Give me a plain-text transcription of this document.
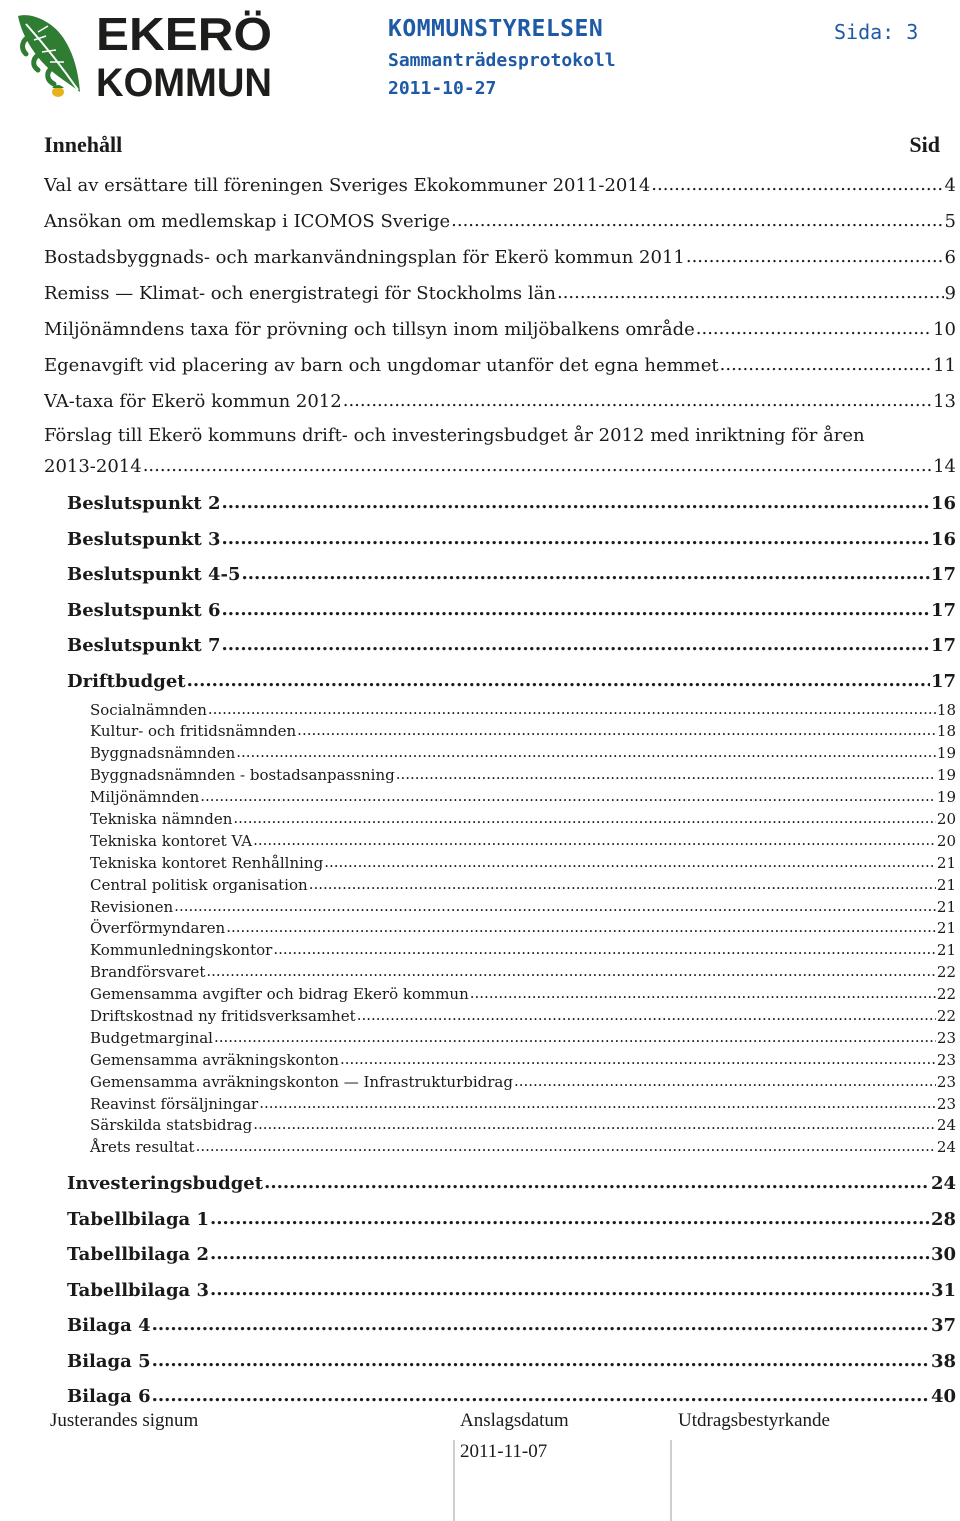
EKERÖ
KOMMUN
KOMMUNSTYRELSEN
Sammanträdesprotokoll
2011-10-27
Sida: 3
Innehåll	Sid
Val av ersättare till föreningen Sveriges Ekokommuner 2011-2014 .....	4
Ansökan om medlemskap i ICOMOS Sverige .....	5
Bostadsbyggnads- och markanvändningsplan för Ekerö kommun 2011 .....	6
Remiss — Klimat- och energistrategi för Stockholms län .....	9
Miljönämndens taxa för prövning och tillsyn inom miljöbalkens område .....	10
Egenavgift vid placering av barn och ungdomar utanför det egna hemmet .....	11
VA-taxa för Ekerö kommun 2012 .....	13
Förslag till Ekerö kommuns drift- och investeringsbudget år 2012 med inriktning för åren
2013-2014 .....	14
Beslutspunkt 2 .....	16
Beslutspunkt 3 .....	16
Beslutspunkt 4-5 .....	17
Beslutspunkt 6 .....	17
Beslutspunkt 7 .....	17
Driftbudget .....	17
Socialnämnden .....	18
Kultur- och fritidsnämnden .....	18
Byggnadsnämnden .....	19
Byggnadsnämnden - bostadsanpassning .....	19
Miljönämnden .....	19
Tekniska nämnden .....	20
Tekniska kontoret VA .....	20
Tekniska kontoret Renhållning .....	21
Central politisk organisation .....	21
Revisionen .....	21
Överförmyndaren .....	21
Kommunledningskontor .....	21
Brandförsvaret .....	22
Gemensamma avgifter och bidrag Ekerö kommun .....	22
Driftskostnad ny fritidsverksamhet .....	22
Budgetmarginal .....	23
Gemensamma avräkningskonton .....	23
Gemensamma avräkningskonton — Infrastrukturbidrag .....	23
Reavinst försäljningar .....	23
Särskilda statsbidrag .....	24
Årets resultat .....	24
Investeringsbudget .....	24
Tabellbilaga 1 .....	28
Tabellbilaga 2 .....	30
Tabellbilaga 3 .....	31
Bilaga 4 .....	37
Bilaga 5 .....	38
Bilaga 6 .....	40
Justerandes signum	Anslagsdatum	Utdragsbestyrkande
2011-11-07
